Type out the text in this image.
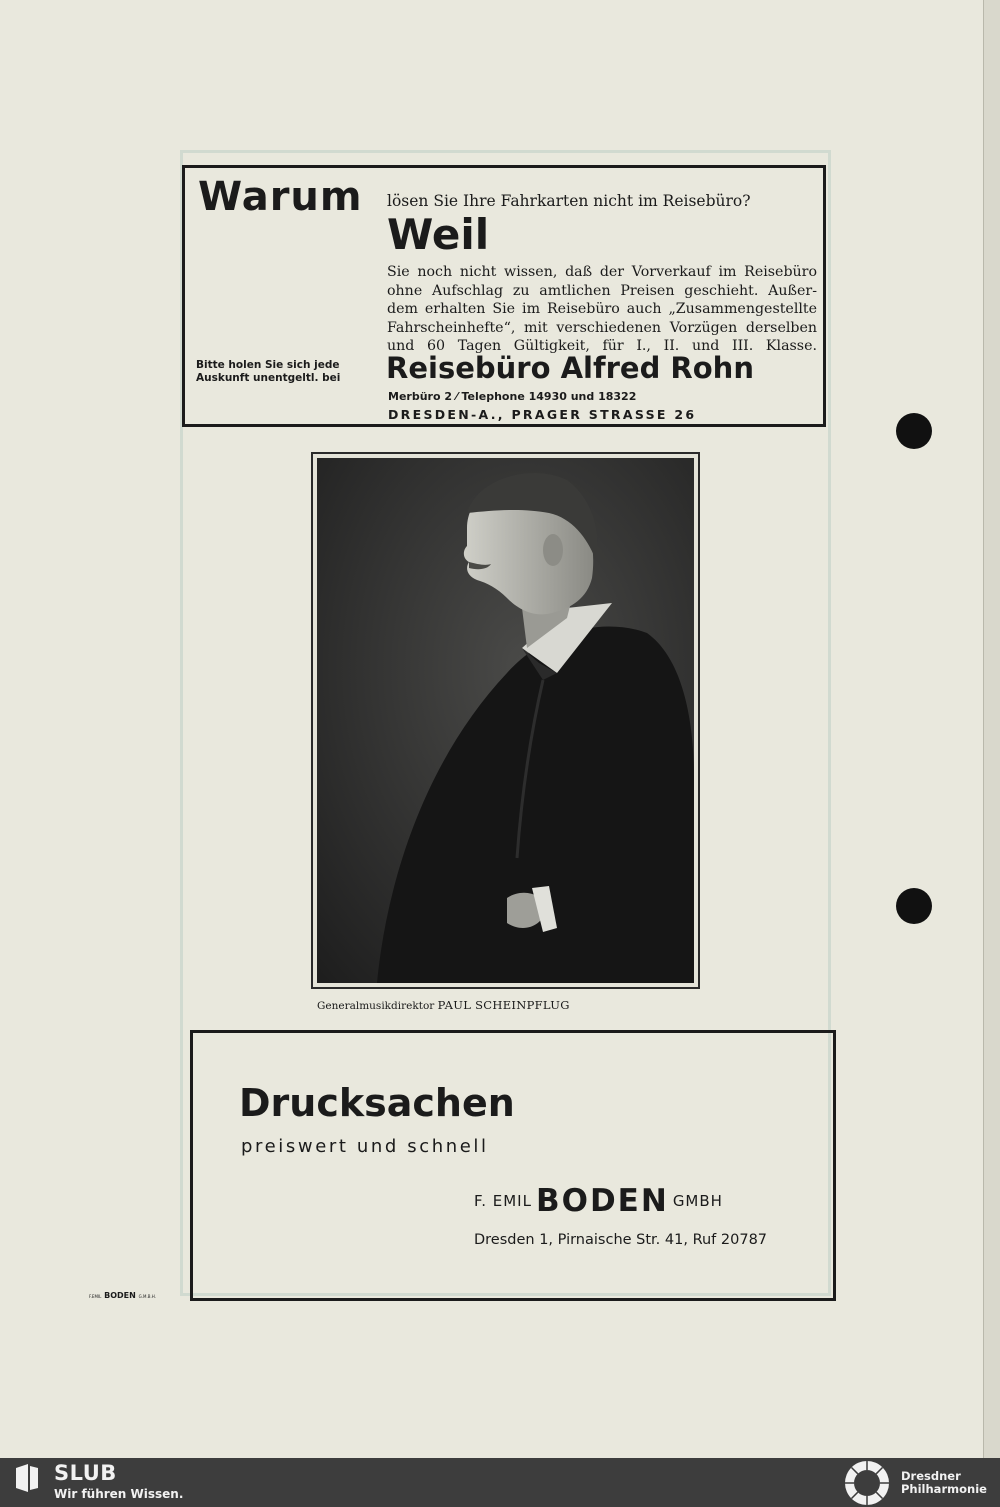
Warum lösen Sie Ihre Fahrkarten nicht im Reisebüro?
Weil

Sie noch nicht wissen, daß der Vorverkauf im Reisebüro
ohne Aufschlag zu amtlichen Preisen geschieht. Außer-
dem erhalten Sie im Reisebüro auch „Zusammengestellte
Fahrscheinhefte“, mit verschiedenen Vorzügen derselben
und 60 Tagen Gültigkeit, für I., II. und III. Klasse.

Bitte holen Sie sich jede
Auskunft unentgeltl. bei Reisebüro Alfred Rohn
Merbüro 2 ⁄ Telephone 14930 und 18322
DRESDEN-A., PRAGER STRASSE 26
Generalmusikdirektor PAUL SCHEINPFLUG
Drucksachen
preiswert und schnell
F. EMIL BODEN GMBH
Dresden 1, Pirnaische Str. 41, Ruf 20787
F.EMIL BODEN G.M.B.H.
SLUB
Wir führen Wissen.
Dresdner
Philharmonie
